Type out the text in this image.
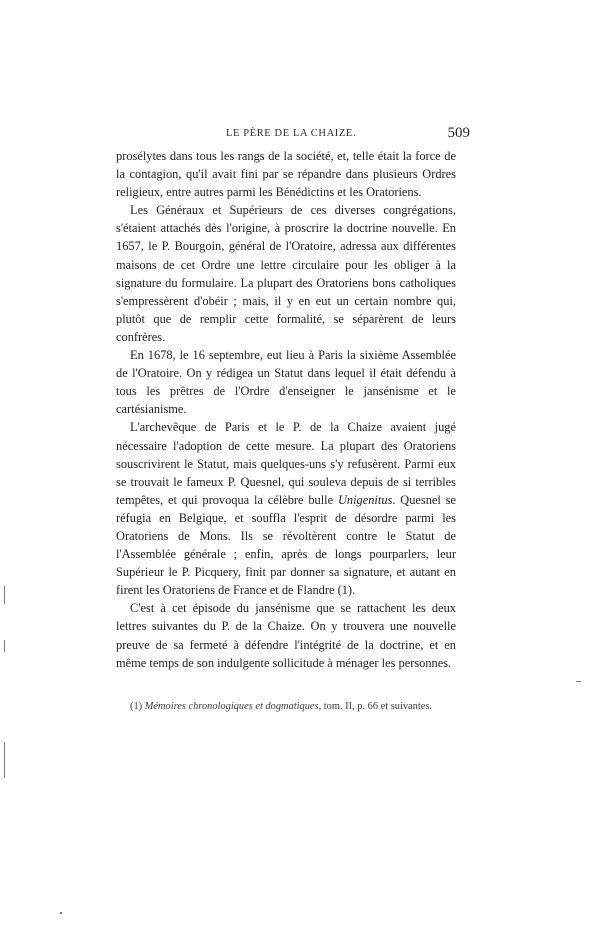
LE PÈRE DE LA CHAIZE.	509

prosélytes dans tous les rangs de la société, et, telle était la force de la contagion, qu'il avait fini par se répandre dans plusieurs Ordres religieux, entre autres parmi les Bénédictins et les Oratoriens.

Les Généraux et Supérieurs de ces diverses congrégations, s'étaient attachés dès l'origine, à proscrire la doctrine nouvelle. En 1657, le P. Bourgoin, général de l'Oratoire, adressa aux différentes maisons de cet Ordre une lettre circulaire pour les obliger à la signature du formulaire. La plupart des Oratoriens bons catholiques s'empressèrent d'obéir ; mais, il y en eut un certain nombre qui, plutôt que de remplir cette formalité, se séparèrent de leurs confrères.

En 1678, le 16 septembre, eut lieu à Paris la sixième Assemblée de l'Oratoire. On y rédigea un Statut dans lequel il était défendu à tous les prêtres de l'Ordre d'enseigner le jansénisme et le cartésianisme.

L'archevêque de Paris et le P. de la Chaize avaient jugé nécessaire l'adoption de cette mesure. La plupart des Oratoriens souscrivirent le Statut, mais quelques-uns s'y refusèrent. Parmi eux se trouvait le fameux P. Quesnel, qui souleva depuis de si terribles tempêtes, et qui provoqua la célèbre bulle Unigenitus. Quesnel se réfugia en Belgique, et souffla l'esprit de désordre parmi les Oratoriens de Mons. Ils se révoltèrent contre le Statut de l'Assemblée générale ; enfin, après de longs pourparlers, leur Supérieur le P. Picquery, finit par donner sa signature, et autant en firent les Oratoriens de France et de Flandre (1).

C'est à cet épisode du jansénisme que se rattachent les deux lettres suivantes du P. de la Chaize. On y trouvera une nouvelle preuve de sa fermeté à défendre l'intégrité de la doctrine, et en même temps de son indulgente sollicitude à ménager les personnes.

(1) Mémoires chronologiques et dogmatiques, tom. II, p. 66 et suivantes.
